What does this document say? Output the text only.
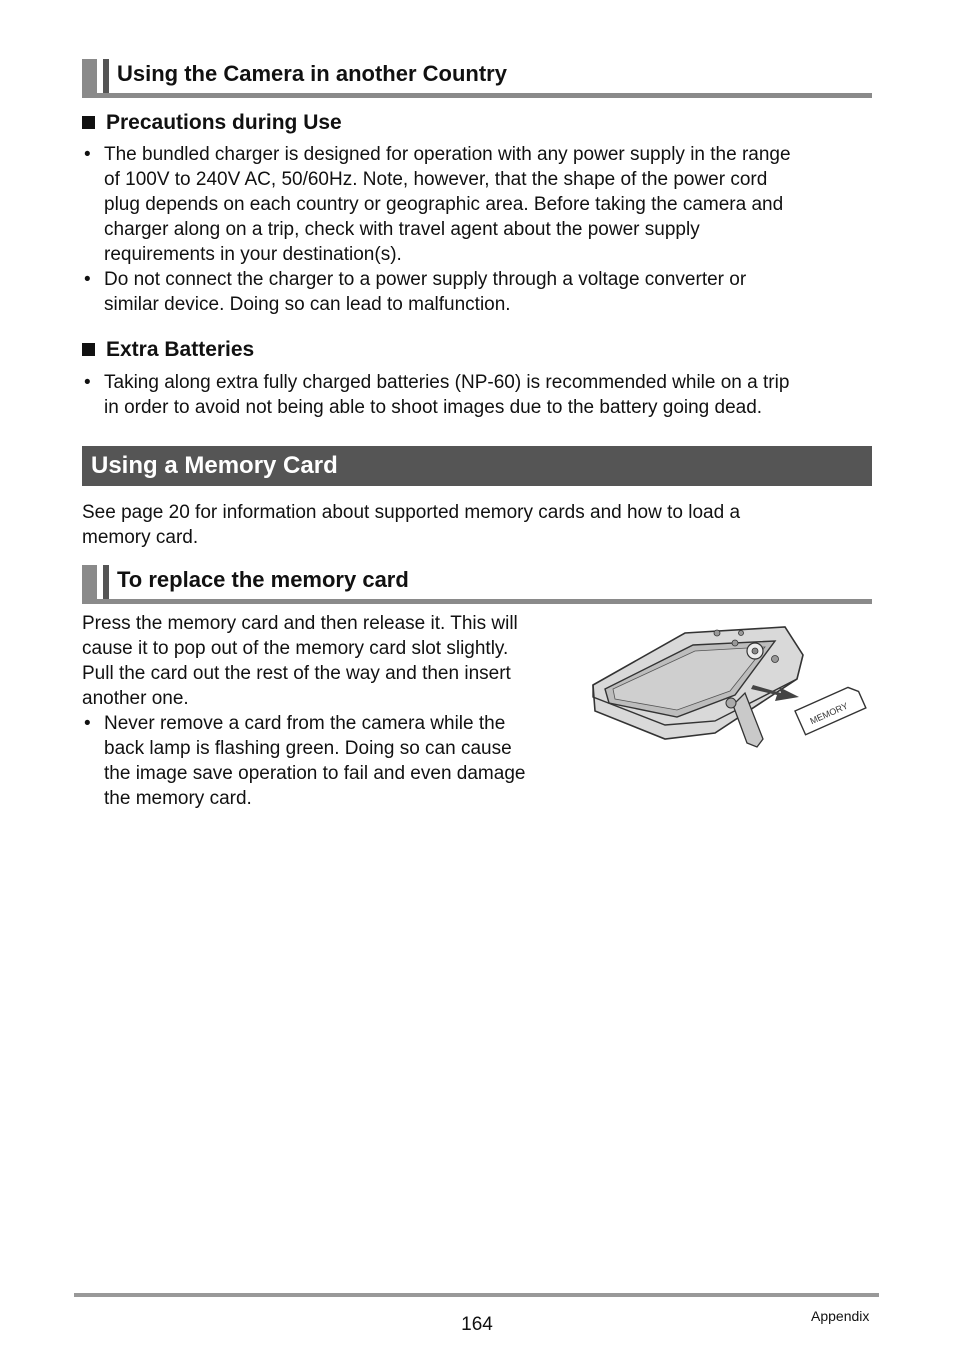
Using the Camera in another Country
Precautions during Use
• The bundled charger is designed for operation with any power supply in the range
of 100V to 240V AC, 50/60Hz. Note, however, that the shape of the power cord
plug depends on each country or geographic area. Before taking the camera and
charger along on a trip, check with travel agent about the power supply
requirements in your destination(s).
• Do not connect the charger to a power supply through a voltage converter or
similar device. Doing so can lead to malfunction.
Extra Batteries
• Taking along extra fully charged batteries (NP-60) is recommended while on a trip
in order to avoid not being able to shoot images due to the battery going dead.
Using a Memory Card
See page 20 for information about supported memory cards and how to load a
memory card.
To replace the memory card
Press the memory card and then release it. This will
cause it to pop out of the memory card slot slightly.
Pull the card out the rest of the way and then insert
another one.
• Never remove a card from the camera while the
back lamp is flashing green. Doing so can cause
the image save operation to fail and even damage
the memory card.
MEMORY
164	Appendix
